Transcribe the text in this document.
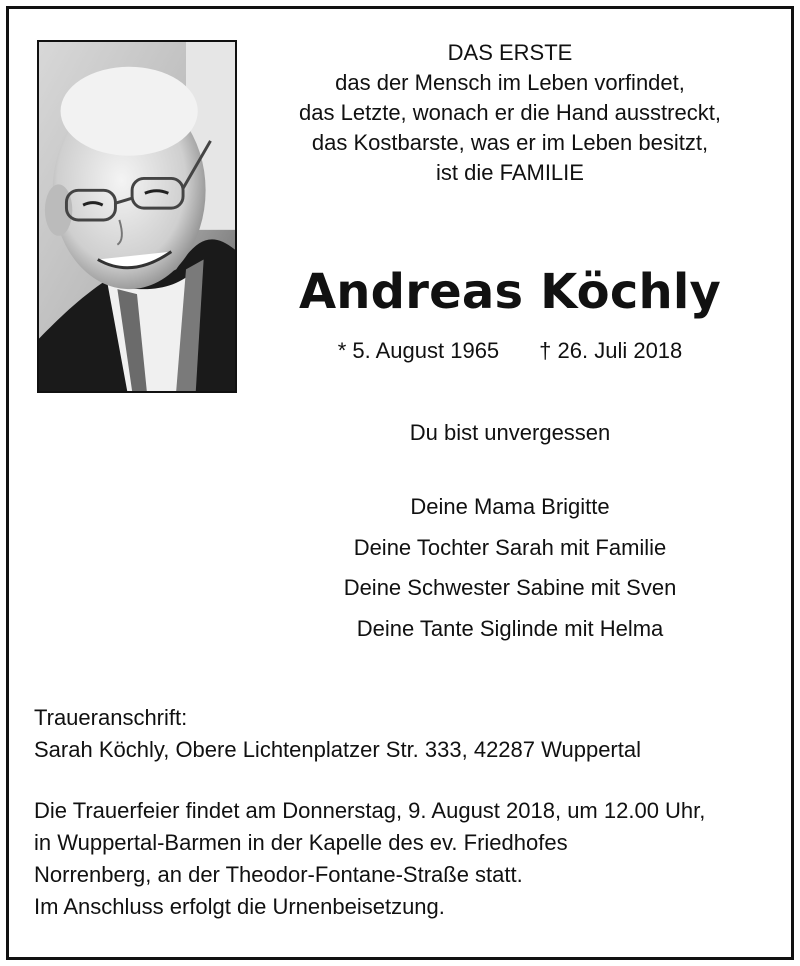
DAS ERSTE
das der Mensch im Leben vorfindet,
das Letzte, wonach er die Hand ausstreckt,
das Kostbarste, was er im Leben besitzt,
ist die FAMILIE
Andreas Köchly
* 5. August 1965 † 26. Juli 2018
Du bist unvergessen
Deine Mama Brigitte
Deine Tochter Sarah mit Familie
Deine Schwester Sabine mit Sven
Deine Tante Siglinde mit Helma
Traueranschrift:
Sarah Köchly, Obere Lichtenplatzer Str. 333, 42287 Wuppertal
Die Trauerfeier findet am Donnerstag, 9. August 2018, um 12.00 Uhr,
in Wuppertal-Barmen in der Kapelle des ev. Friedhofes
Norrenberg, an der Theodor-Fontane-Straße statt.
Im Anschluss erfolgt die Urnenbeisetzung.
